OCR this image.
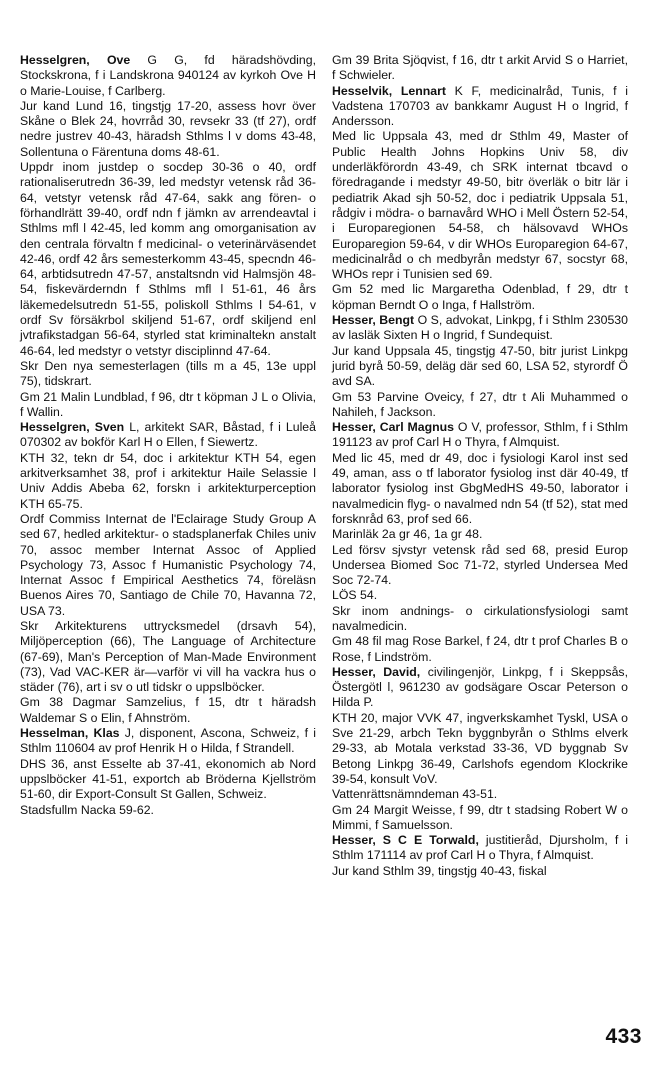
Hesselgren, Ove G G, fd häradshövding, Stockskrona, f i Landskrona 940124 av kyrkoh Ove H o Marie-Louise, f Carlberg.

Jur kand Lund 16, tingstjg 17-20, assess hovr över Skåne o Blek 24, hovrråd 30, revsekr 33 (tf 27), ordf nedre justrev 40-43, häradsh Sthlms l v doms 43-48, Sollentuna o Färentuna doms 48-61.

Uppdr inom justdep o socdep 30-36 o 40, ordf rationaliserutredn 36-39, led medstyr vetensk råd 36-64, vetstyr vetensk råd 47-64, sakk ang fören- o förhandlrätt 39-40, ordf ndn f jämkn av arrendeavtal i Sthlms mfl l 42-45, led komm ang omorganisation av den centrala förvaltn f medicinal- o veterinärväsendet 42-46, ordf 42 års semesterkomm 43-45, specndn 46-64, arbtidsutredn 47-57, anstaltsndn vid Halmsjön 48-54, fiskevärderndn f Sthlms mfl l 51-61, 46 års läkemedelsutredn 51-55, poliskoll Sthlms l 54-61, v ordf Sv försäkrbol skiljend 51-67, ordf skiljend enl jvtrafikstadgan 56-64, styrled stat kriminaltekn anstalt 46-64, led medstyr o vetstyr disciplinnd 47-64.

Skr Den nya semesterlagen (tills m a 45, 13e uppl 75), tidskrart.

Gm 21 Malin Lundblad, f 96, dtr t köpman J L o Olivia, f Wallin.

Hesselgren, Sven L, arkitekt SAR, Båstad, f i Luleå 070302 av bokför Karl H o Ellen, f Siewertz.

KTH 32, tekn dr 54, doc i arkitektur KTH 54, egen arkitverksamhet 38, prof i arkitektur Haile Selassie l Univ Addis Abeba 62, forskn i arkitekturperception KTH 65-75.

Ordf Commiss Internat de l'Eclairage Study Group A sed 67, hedled arkitektur- o stadsplanerfak Chiles univ 70, assoc member Internat Assoc of Applied Psychology 73, Assoc f Humanistic Psychology 74, Internat Assoc f Empirical Aesthetics 74, föreläsn Buenos Aires 70, Santiago de Chile 70, Havanna 72, USA 73.

Skr Arkitekturens uttrycksmedel (drsavh 54), Miljöperception (66), The Language of Architecture (67-69), Man's Perception of Man-Made Environment (73), Vad VAC-KER är—varför vi vill ha vackra hus o städer (76), art i sv o utl tidskr o uppslböcker.

Gm 38 Dagmar Samzelius, f 15, dtr t häradsh Waldemar S o Elin, f Ahnström.

Hesselman, Klas J, disponent, Ascona, Schweiz, f i Sthlm 110604 av prof Henrik H o Hilda, f Strandell.

DHS 36, anst Esselte ab 37-41, ekonomich ab Nord uppslböcker 41-51, exportch ab Bröderna Kjellström 51-60, dir Export-Consult St Gallen, Schweiz.

Stadsfullm Nacka 59-62.

Gm 39 Brita Sjöqvist, f 16, dtr t arkit Arvid S o Harriet, f Schwieler.

Hesselvik, Lennart K F, medicinalråd, Tunis, f i Vadstena 170703 av bankkamr August H o Ingrid, f Andersson.

Med lic Uppsala 43, med dr Sthlm 49, Master of Public Health Johns Hopkins Univ 58, div underläkförordn 43-49, ch SRK internat tbcavd o föredragande i medstyr 49-50, bitr överläk o bitr lär i pediatrik Akad sjh 50-52, doc i pediatrik Uppsala 51, rådgiv i mödra- o barnavård WHO i Mell Östern 52-54, i Europaregionen 54-58, ch hälsovavd WHOs Europaregion 59-64, v dir WHOs Europaregion 64-67, medicinalråd o ch medbyrån medstyr 67, socstyr 68, WHOs repr i Tunisien sed 69.

Gm 52 med lic Margaretha Odenblad, f 29, dtr t köpman Berndt O o Inga, f Hallström.

Hesser, Bengt O S, advokat, Linkpg, f i Sthlm 230530 av lasläk Sixten H o Ingrid, f Sundequist.

Jur kand Uppsala 45, tingstjg 47-50, bitr jurist Linkpg jurid byrå 50-59, deläg där sed 60, LSA 52, styrordf Ö avd SA.

Gm 53 Parvine Oveicy, f 27, dtr t Ali Muhammed o Nahileh, f Jackson.

Hesser, Carl Magnus O V, professor, Sthlm, f i Sthlm 191123 av prof Carl H o Thyra, f Almquist.

Med lic 45, med dr 49, doc i fysiologi Karol inst sed 49, aman, ass o tf laborator fysiolog inst där 40-49, tf laborator fysiolog inst GbgMedHS 49-50, laborator i navalmedicin flyg- o navalmed ndn 54 (tf 52), stat med forsknråd 63, prof sed 66.

Marinläk 2a gr 46, 1a gr 48.

Led försv sjvstyr vetensk råd sed 68, presid Europ Undersea Biomed Soc 71-72, styrled Undersea Med Soc 72-74.

LÖS 54.

Skr inom andnings- o cirkulationsfysiologi samt navalmedicin.

Gm 48 fil mag Rose Barkel, f 24, dtr t prof Charles B o Rose, f Lindström.

Hesser, David, civilingenjör, Linkpg, f i Skeppsås, Östergötl l, 961230 av godsägare Oscar Peterson o Hilda P.

KTH 20, major VVK 47, ingverkskamhet Tyskl, USA o Sve 21-29, arbch Tekn byggnbyrån o Sthlms elverk 29-33, ab Motala verkstad 33-36, VD byggnab Sv Betong Linkpg 36-49, Carlshofs egendom Klockrike 39-54, konsult VoV.

Vattenrättsnämndeman 43-51.

Gm 24 Margit Weisse, f 99, dtr t stadsing Robert W o Mimmi, f Samuelsson.

Hesser, S C E Torwald, justitieråd, Djursholm, f i Sthlm 171114 av prof Carl H o Thyra, f Almquist.

Jur kand Sthlm 39, tingstjg 40-43, fiskal

433
